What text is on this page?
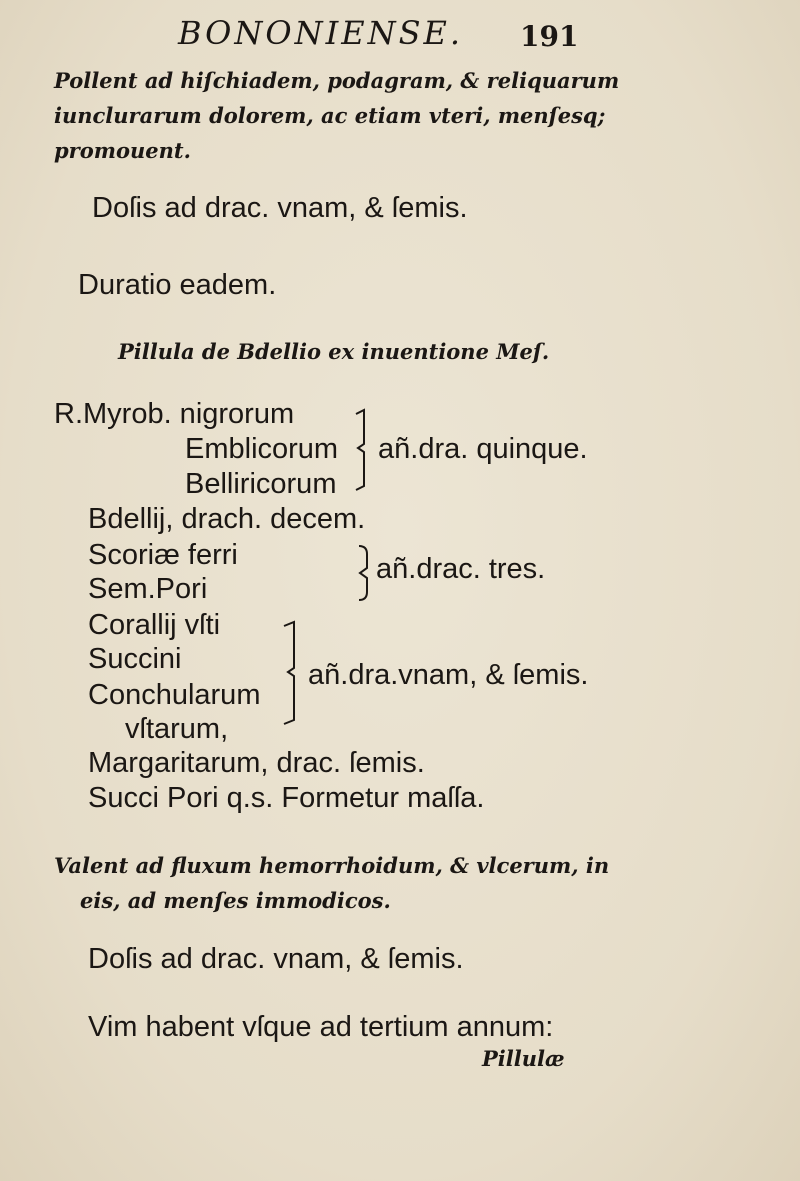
BONONIENSE. 191
Pollent ad hiſchiadem, podagram, & reliquarum
iunclurarum dolorem, ac etiam vteri, menſesq;
promouent.
Doſis ad drac. vnam, & ſemis.
Duratio eadem.
Pillula de Bdellio ex inuentione Meſ.
R.Myrob. nigrorum
Emblicorum
Belliricorum
añ.dra. quinque.
Bdellij, drach. decem.
Scoriæ ferri
Sem.Pori
añ.drac. tres.
Corallij vſti
Succini
Conchularum
vſtarum,
añ.dra.vnam, & ſemis.
Margaritarum, drac. ſemis.
Succi Pori q.s. Formetur maſſa.
Valent ad fluxum hemorrhoidum, & vlcerum, in
eis, ad menſes immodicos.
Doſis ad drac. vnam, & ſemis.
Vim habent vſque ad tertium annum:
Pillulæ
